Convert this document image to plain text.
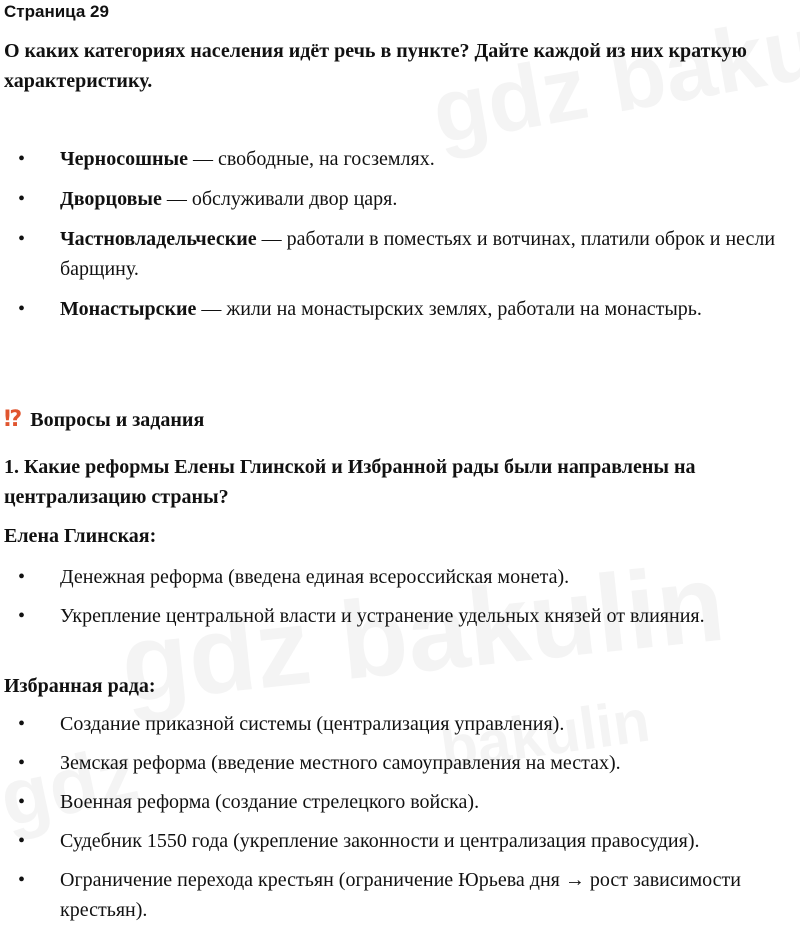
Страница 29
О каких категориях населения идёт речь в пункте? Дайте каждой из них краткую характеристику.
• Черносошные — свободные, на госземлях.
• Дворцовые — обслуживали двор царя.
• Частновладельческие — работали в поместьях и вотчинах, платили оброк и несли барщину.
• Монастырские — жили на монастырских землях, работали на монастырь.
⁉ Вопросы и задания
1. Какие реформы Елены Глинской и Избранной рады были направлены на централизацию страны?
Елена Глинская:
• Денежная реформа (введена единая всероссийская монета).
• Укрепление центральной власти и устранение удельных князей от влияния.
Избранная рада:
• Создание приказной системы (централизация управления).
• Земская реформа (введение местного самоуправления на местах).
• Военная реформа (создание стрелецкого войска).
• Судебник 1550 года (укрепление законности и централизация правосудия).
• Ограничение перехода крестьян (ограничение Юрьева дня → рост зависимости крестьян).
